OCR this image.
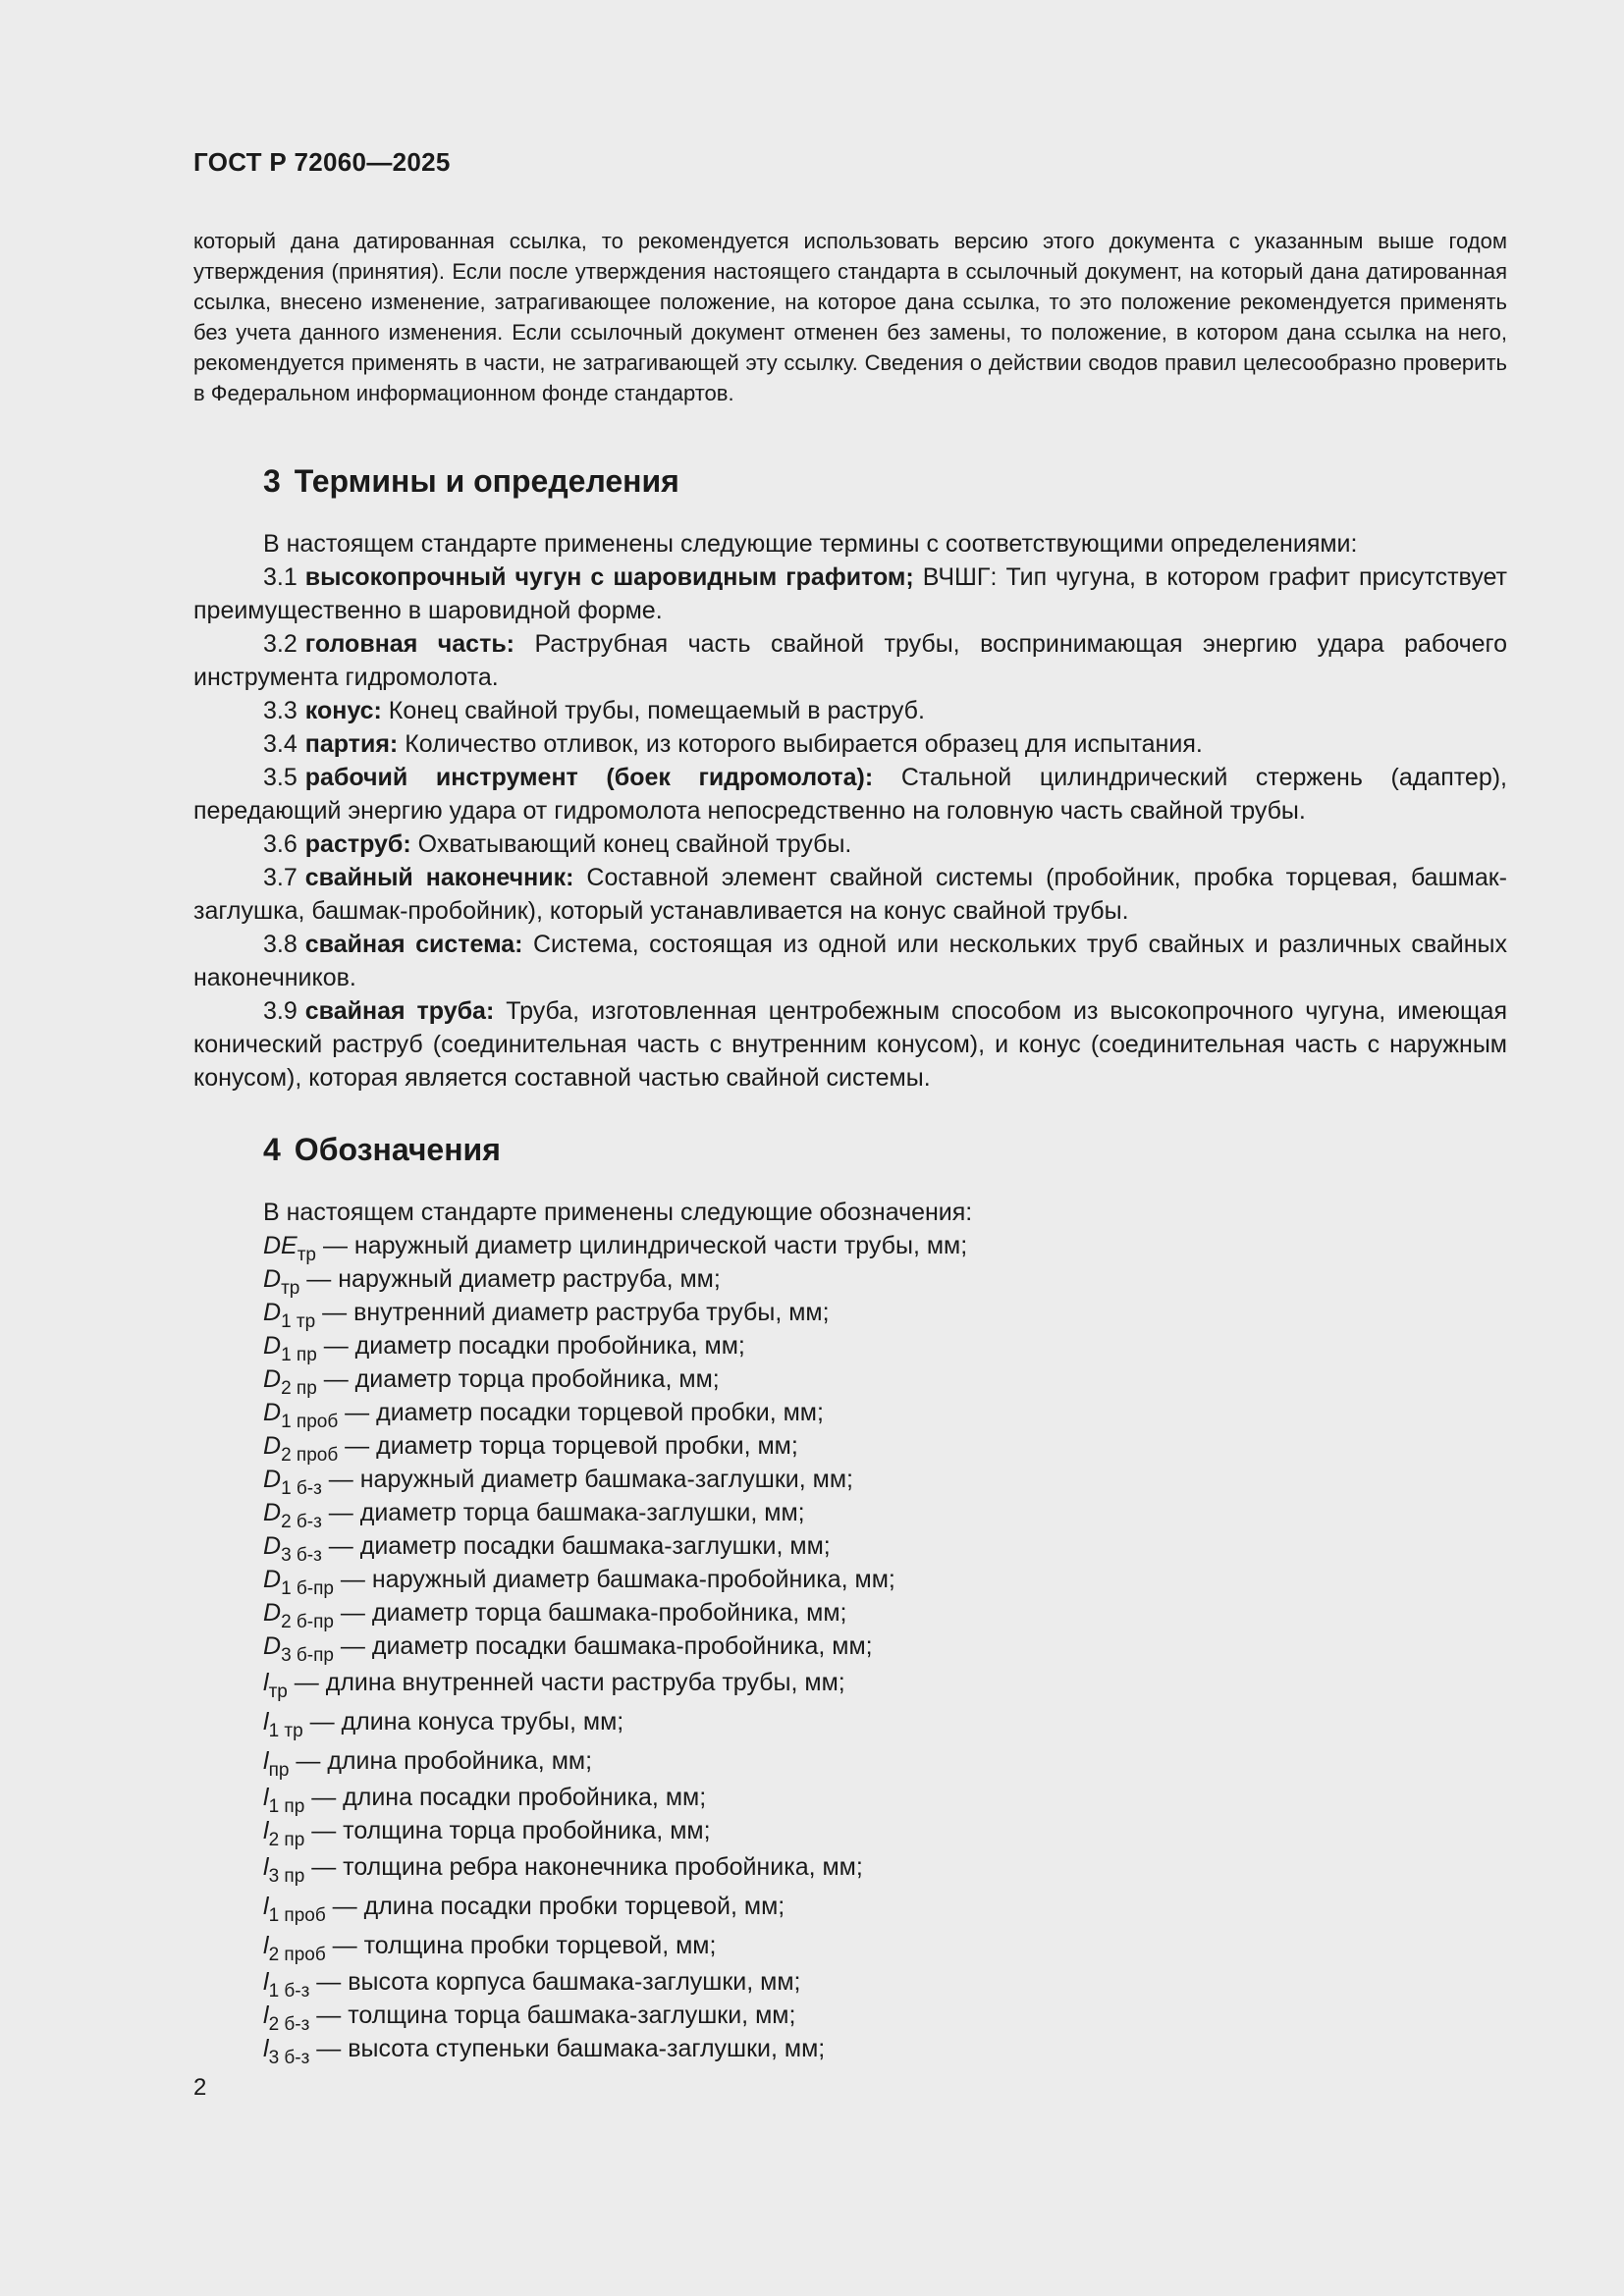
ГОСТ Р 72060—2025

который дана датированная ссылка, то рекомендуется использовать версию этого документа с указанным выше годом утверждения (принятия). Если после утверждения настоящего стандарта в ссылочный документ, на который дана датированная ссылка, внесено изменение, затрагивающее положение, на которое дана ссылка, то это положение рекомендуется применять без учета данного изменения. Если ссылочный документ отменен без замены, то положение, в котором дана ссылка на него, рекомендуется применять в части, не затрагивающей эту ссылку. Сведения о действии сводов правил целесообразно проверить в Федеральном информационном фонде стандартов.

3 Термины и определения

В настоящем стандарте применены следующие термины с соответствующими определениями:

3.1 высокопрочный чугун с шаровидным графитом; ВЧШГ: Тип чугуна, в котором графит присутствует преимущественно в шаровидной форме.

3.2 головная часть: Раструбная часть свайной трубы, воспринимающая энергию удара рабочего инструмента гидромолота.

3.3 конус: Конец свайной трубы, помещаемый в раструб.

3.4 партия: Количество отливок, из которого выбирается образец для испытания.

3.5 рабочий инструмент (боек гидромолота): Стальной цилиндрический стержень (адаптер), передающий энергию удара от гидромолота непосредственно на головную часть свайной трубы.

3.6 раструб: Охватывающий конец свайной трубы.

3.7 свайный наконечник: Составной элемент свайной системы (пробойник, пробка торцевая, башмак-заглушка, башмак-пробойник), который устанавливается на конус свайной трубы.

3.8 свайная система: Система, состоящая из одной или нескольких труб свайных и различных свайных наконечников.

3.9 свайная труба: Труба, изготовленная центробежным способом из высокопрочного чугуна, имеющая конический раструб (соединительная часть с внутренним конусом), и конус (соединительная часть с наружным конусом), которая является составной частью свайной системы.

4 Обозначения
В настоящем стандарте применены следующие обозначения:
$DE_{тр}$ — наружный диаметр цилиндрической части трубы, мм;
$D_{тр}$ — наружный диаметр раструба, мм;
$D_{1 тр}$ — внутренний диаметр раструба трубы, мм;
$D_{1 пр}$ — диаметр посадки пробойника, мм;
$D_{2 пр}$ — диаметр торца пробойника, мм;
$D_{1 проб}$ — диаметр посадки торцевой пробки, мм;
$D_{2 проб}$ — диаметр торца торцевой пробки, мм;
$D_{1 б-з}$ — наружный диаметр башмака-заглушки, мм;
$D_{2 б-з}$ — диаметр торца башмака-заглушки, мм;
$D_{3 б-з}$ — диаметр посадки башмака-заглушки, мм;
$D_{1 б-пр}$ — наружный диаметр башмака-пробойника, мм;
$D_{2 б-пр}$ — диаметр торца башмака-пробойника, мм;
$D_{3 б-пр}$ — диаметр посадки башмака-пробойника, мм;
$l_{тр}$ — длина внутренней части раструба трубы, мм;
$l_{1 тр}$ — длина конуса трубы, мм;
$l_{пр}$ — длина пробойника, мм;
$l_{1 пр}$ — длина посадки пробойника, мм;
$l_{2 пр}$ — толщина торца пробойника, мм;
$l_{3 пр}$ — толщина ребра наконечника пробойника, мм;
$l_{1 проб}$ — длина посадки пробки торцевой, мм;
$l_{2 проб}$ — толщина пробки торцевой, мм;
$l_{1 б-з}$ — высота корпуса башмака-заглушки, мм;
$l_{2 б-з}$ — толщина торца башмака-заглушки, мм;
$l_{3 б-з}$ — высота ступеньки башмака-заглушки, мм;
2
